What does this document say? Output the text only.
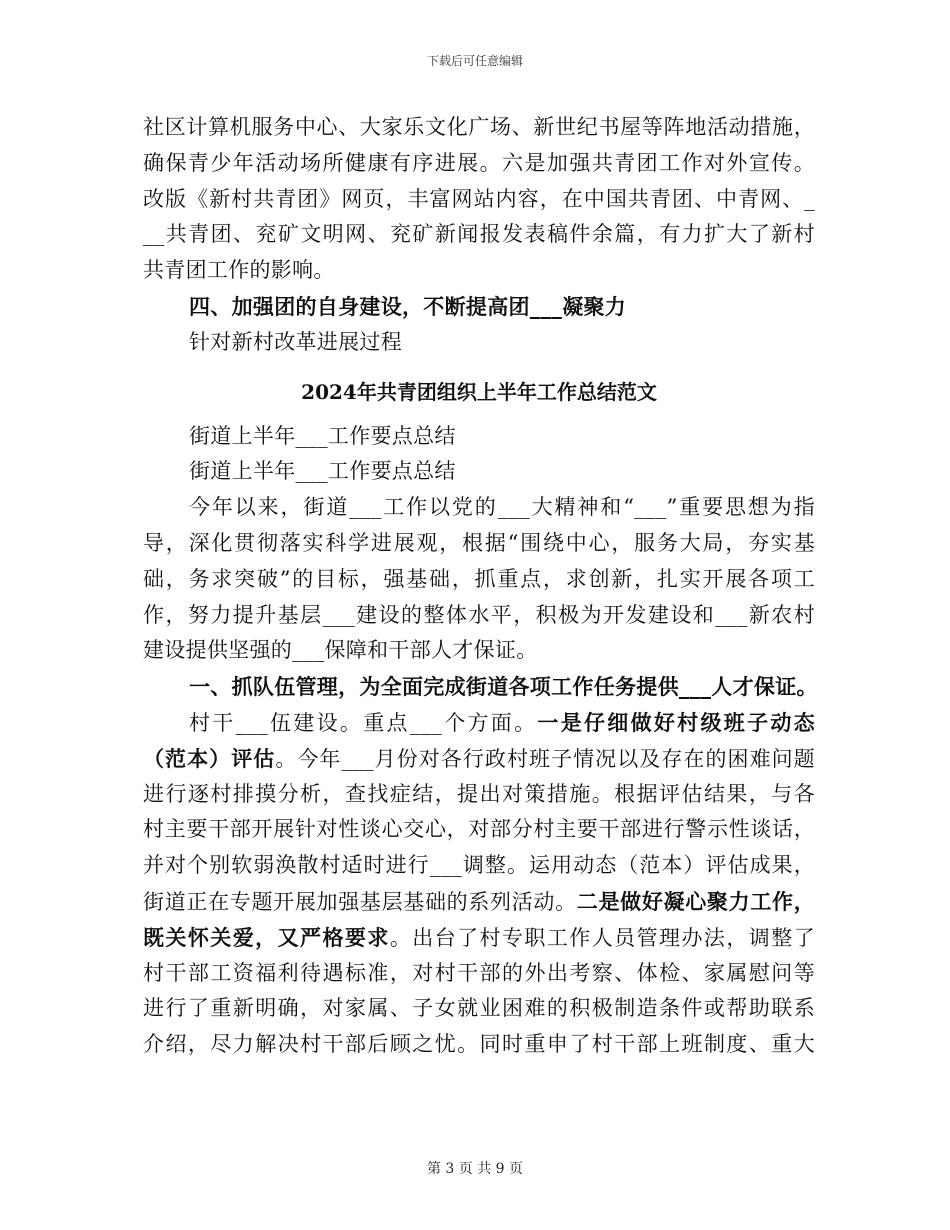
下载后可任意编辑
社区计算机服务中心、大家乐文化广场、新世纪书屋等阵地活动措施，
确保青少年活动场所健康有序进展。六是加强共青团工作对外宣传。
改版《新村共青团》网页，丰富网站内容，在中国共青团、中青网、_
__共青团、兖矿文明网、兖矿新闻报发表稿件余篇，有力扩大了新村
共青团工作的影响。
四、加强团的自身建设，不断提高团___凝聚力
针对新村改革进展过程
2024年共青团组织上半年工作总结范文
街道上半年___工作要点总结
街道上半年___工作要点总结
今年以来，街道___工作以党的___大精神和“___”重要思想为指
导，深化贯彻落实科学进展观，根据“围绕中心，服务大局，夯实基
础，务求突破”的目标，强基础，抓重点，求创新，扎实开展各项工
作，努力提升基层___建设的整体水平，积极为开发建设和___新农村
建设提供坚强的___保障和干部人才保证。
一、抓队伍管理，为全面完成街道各项工作任务提供___人才保证。
村干___伍建设。重点___个方面。一是仔细做好村级班子动态
（范本）评估。今年___月份对各行政村班子情况以及存在的困难问题
进行逐村排摸分析，查找症结，提出对策措施。根据评估结果，与各
村主要干部开展针对性谈心交心，对部分村主要干部进行警示性谈话，
并对个别软弱涣散村适时进行___调整。运用动态（范本）评估成果，
街道正在专题开展加强基层基础的系列活动。二是做好凝心聚力工作，
既关怀关爱，又严格要求。出台了村专职工作人员管理办法，调整了
村干部工资福利待遇标准，对村干部的外出考察、体检、家属慰问等
进行了重新明确，对家属、子女就业困难的积极制造条件或帮助联系
介绍，尽力解决村干部后顾之忧。同时重申了村干部上班制度、重大
第 3 页 共 9 页
